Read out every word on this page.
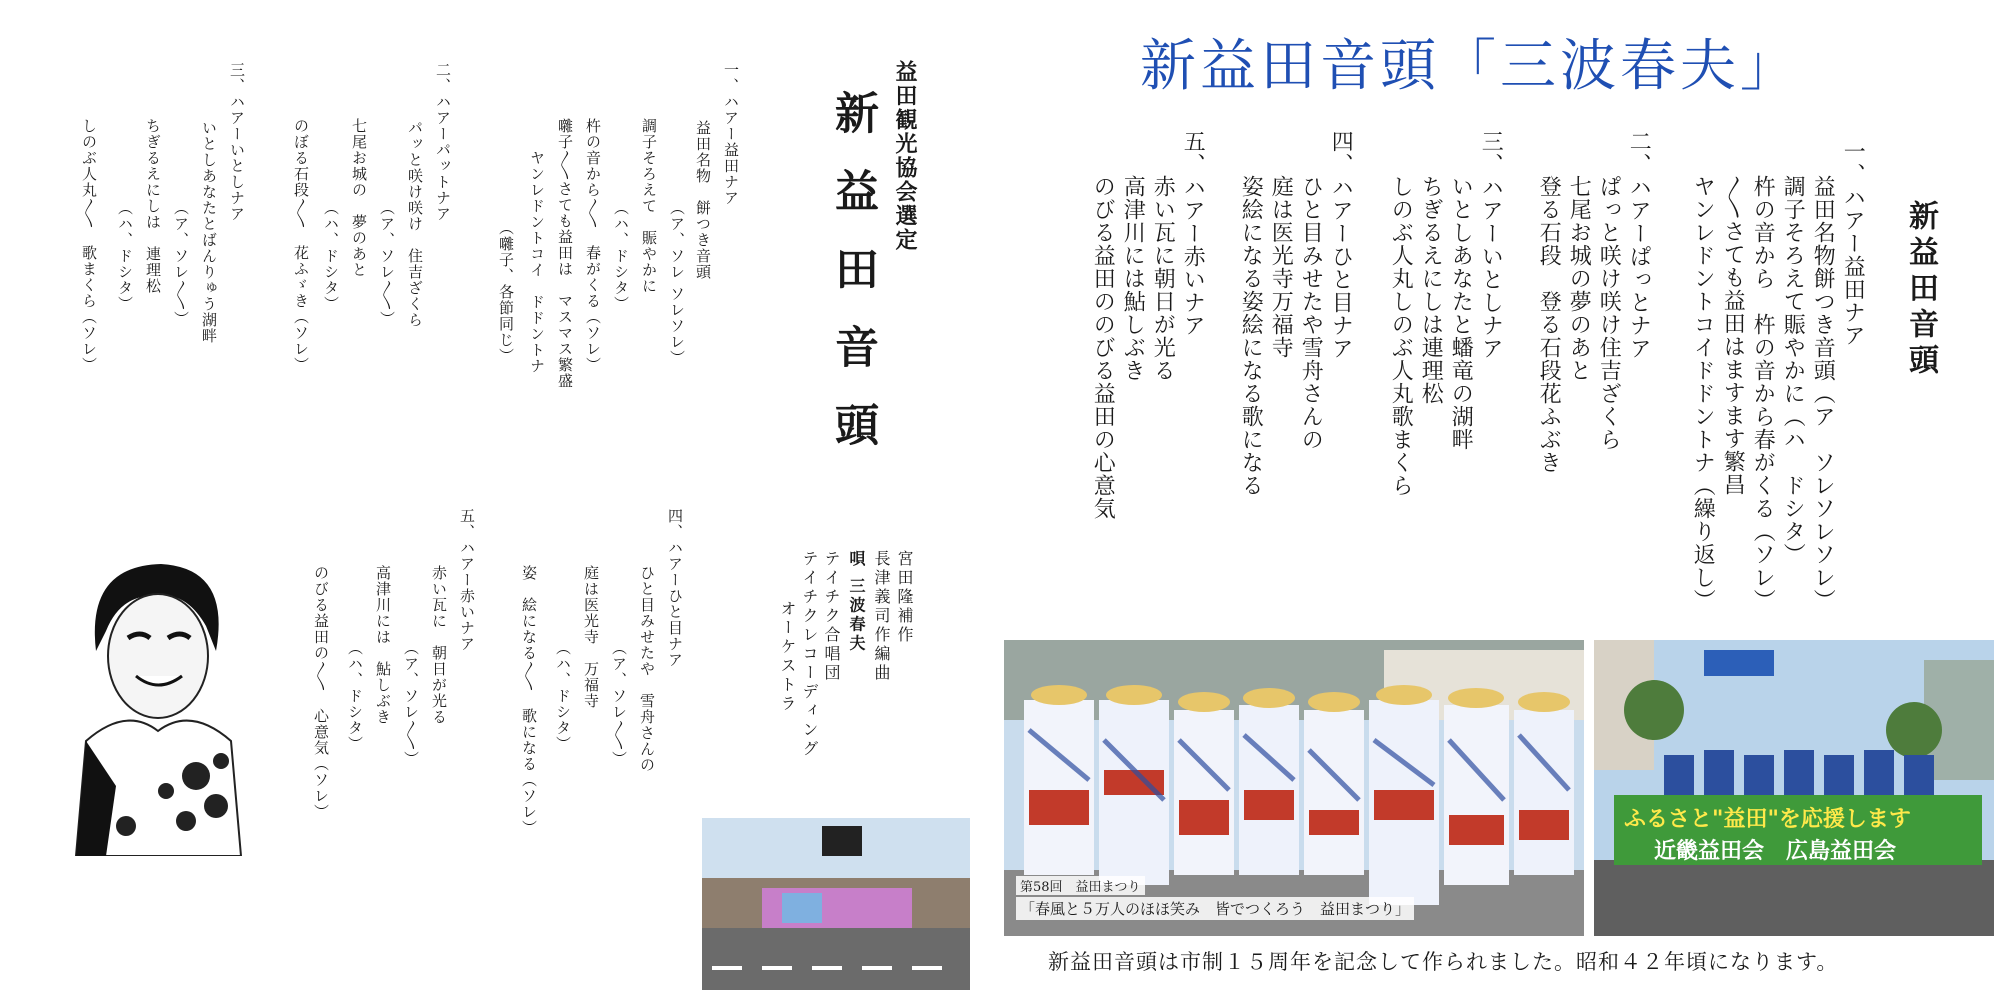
新益田音頭 益田観光協会選定
宮田隆補作
長津義司作編曲
唄 三波春夫
テイチク合唱団
テイチクレコーディング
オーケストラ
一、ハアー益田ナア
益田名物　餅つき音頭
（ア、ソレ ソレソレ）
調子そろえて　賑やかに
（ハ、ドシタ）
杵の音から〳〵　春がくる（ソレ）
囃子〳〵さても益田は　マスマス繁盛
ヤンレドントコイ　ドドントナ
（囃子、各節同じ）
二、ハアーパットナア
パッと咲け咲け　住吉ざくら
（ア、ソレ〳〵）
七尾お城の　夢のあと
（ハ、ドシタ）
のぼる石段〳〵　花ふゞき（ソレ）
三、ハアーいとしナア
いとしあなたとばんりゅう湖畔
（ア、ソレ〳〵）
ちぎるえにしは　連理松
（ハ、ドシタ）
しのぶ人丸〳〵　歌まくら（ソレ）
四、ハアーひと目ナア
ひと目みせたや　雪舟さんの
（ア、ソレ〳〵）
庭は医光寺　万福寺
（ハ、ドシタ）
姿　絵になる〳〵　歌になる（ソレ）
五、ハアー赤いナア
赤い瓦に　朝日が光る
（ア、ソレ〳〵）
高津川には　鮎しぶき
（ハ、ドシタ）
のびる益田の〳〵　心意気（ソレ）
新益田音頭「三波春夫」
新益田音頭
一、ハアー益田ナア
益田名物餅つき音頭（ア　ソレソレソレ）
調子そろえて賑やかに（ハ　ドシタ）
杵の音から　杵の音から春がくる（ソレ）
〳〵さても益田はますます繁昌
ヤンレドントコイドドントナ（繰り返し）
二、ハアーぱっとナア
ぱっと咲け咲け住吉ざくら
七尾お城の夢のあと
登る石段　登る石段花ふぶき
三、ハアーいとしナア
いとしあなたと蟠竜の湖畔
ちぎるえにしは連理松
しのぶ人丸しのぶ人丸歌まくら
四、ハアーひと目ナア
ひと目みせたや雪舟さんの
庭は医光寺万福寺
姿絵になる姿絵になる歌になる
五、ハアー赤いナア
赤い瓦に朝日が光る
高津川には鮎しぶき
のびる益田ののびる益田の心意気
第58回　益田まつり
「春風と５万人のほほ笑み　皆でつくろう　益田まつり」
ふるさと"益田"を応援します
近畿益田会　広島益田会
新益田音頭は市制１５周年を記念して作られました。昭和４２年頃になります。
